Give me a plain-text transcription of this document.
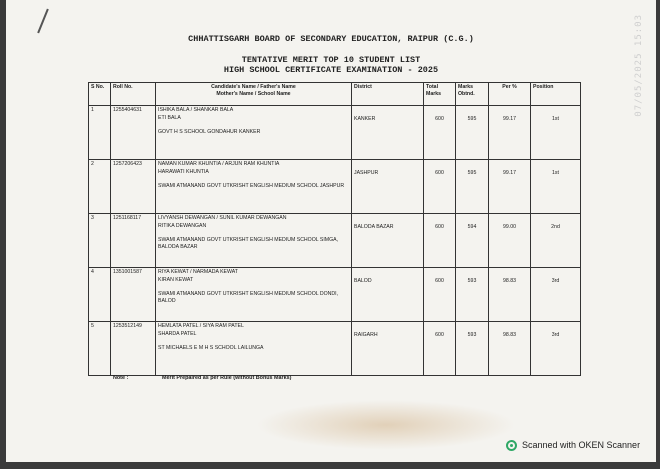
07/05/2025 15:03
CHHATTISGARH BOARD OF SECONDARY EDUCATION, RAIPUR (C.G.)
TENTATIVE MERIT TOP 10 STUDENT LIST
HIGH SCHOOL CERTIFICATE EXAMINATION - 2025
S No.	Roll No.	Candidate's Name / Father's Name
Mother's Name / School Name	District	Total Marks	Marks Obtnd.	Per %	Position
1	1255404631	ISHIKA BALA / SHANKAR BALA
ETI BALA
GOVT H S SCHOOL GONDAHUR KANKER	KANKER	600	595	99.17	1st
2	1257206423	NAMAN KUMAR KHUNTIA / ARJUN RAM KHUNTIA
HARAWATI KHUNTIA
SWAMI ATMANAND GOVT UTKRISHT ENGLISH MEDIUM SCHOOL JASHPUR	JASHPUR	600	595	99.17	1st
3	1251168117	LIVYANSH DEWANGAN / SUNIL KUMAR DEWANGAN
RITIKA DEWANGAN
SWAMI ATMANAND GOVT UTKRISHT ENGLISH MEDIUM SCHOOL SIMGA, BALODA BAZAR	BALODA BAZAR	600	594	99.00	2nd
4	1351001587	RIYA KEWAT / NARMADA KEWAT
KIRAN KEWAT
SWAMI ATMANAND GOVT UTKRISHT ENGLISH MEDIUM SCHOOL DONDI, BALOD	BALOD	600	593	98.83	3rd
5	1253512149	HEMLATA PATEL / SIYA RAM PATEL
SHARDA PATEL
ST MICHAELS E M H S SCHOOL LAILUNGA	RAIGARH	600	593	98.83	3rd
Note :	Merit Prepaired as per Rule (without Bonus Marks)
Scanned with OKEN Scanner
